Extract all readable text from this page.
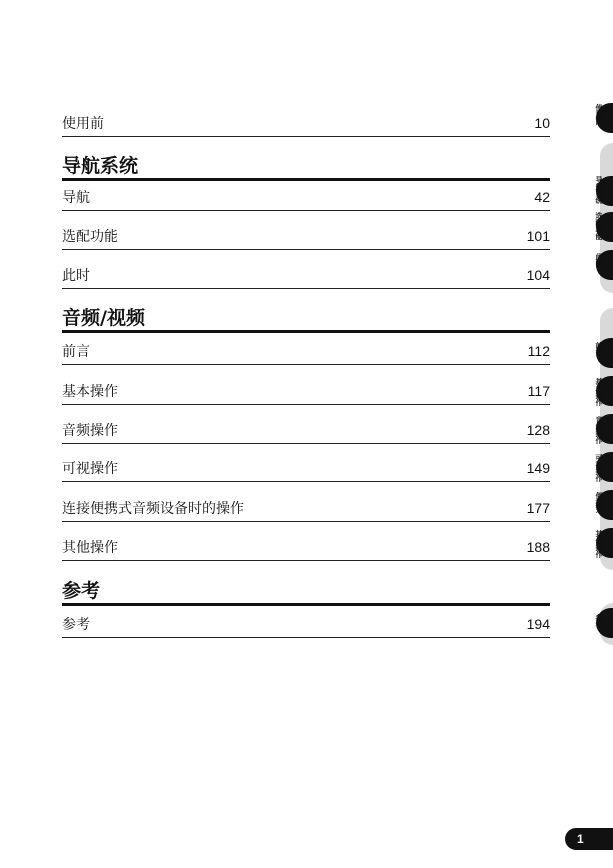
使用前	10
导航系统
导航	42
选配功能	101
此时	104
音频/视频
前言	112
基本操作	117
音频操作	128
可视操作	149
连接便携式音频设备时的操作	177
其他操作	188
参考
参考	194
使用前
导航系统
选配功能
此时
前言
基本操作
音频操作
可视操作
便携式
其他操作
参考
1
